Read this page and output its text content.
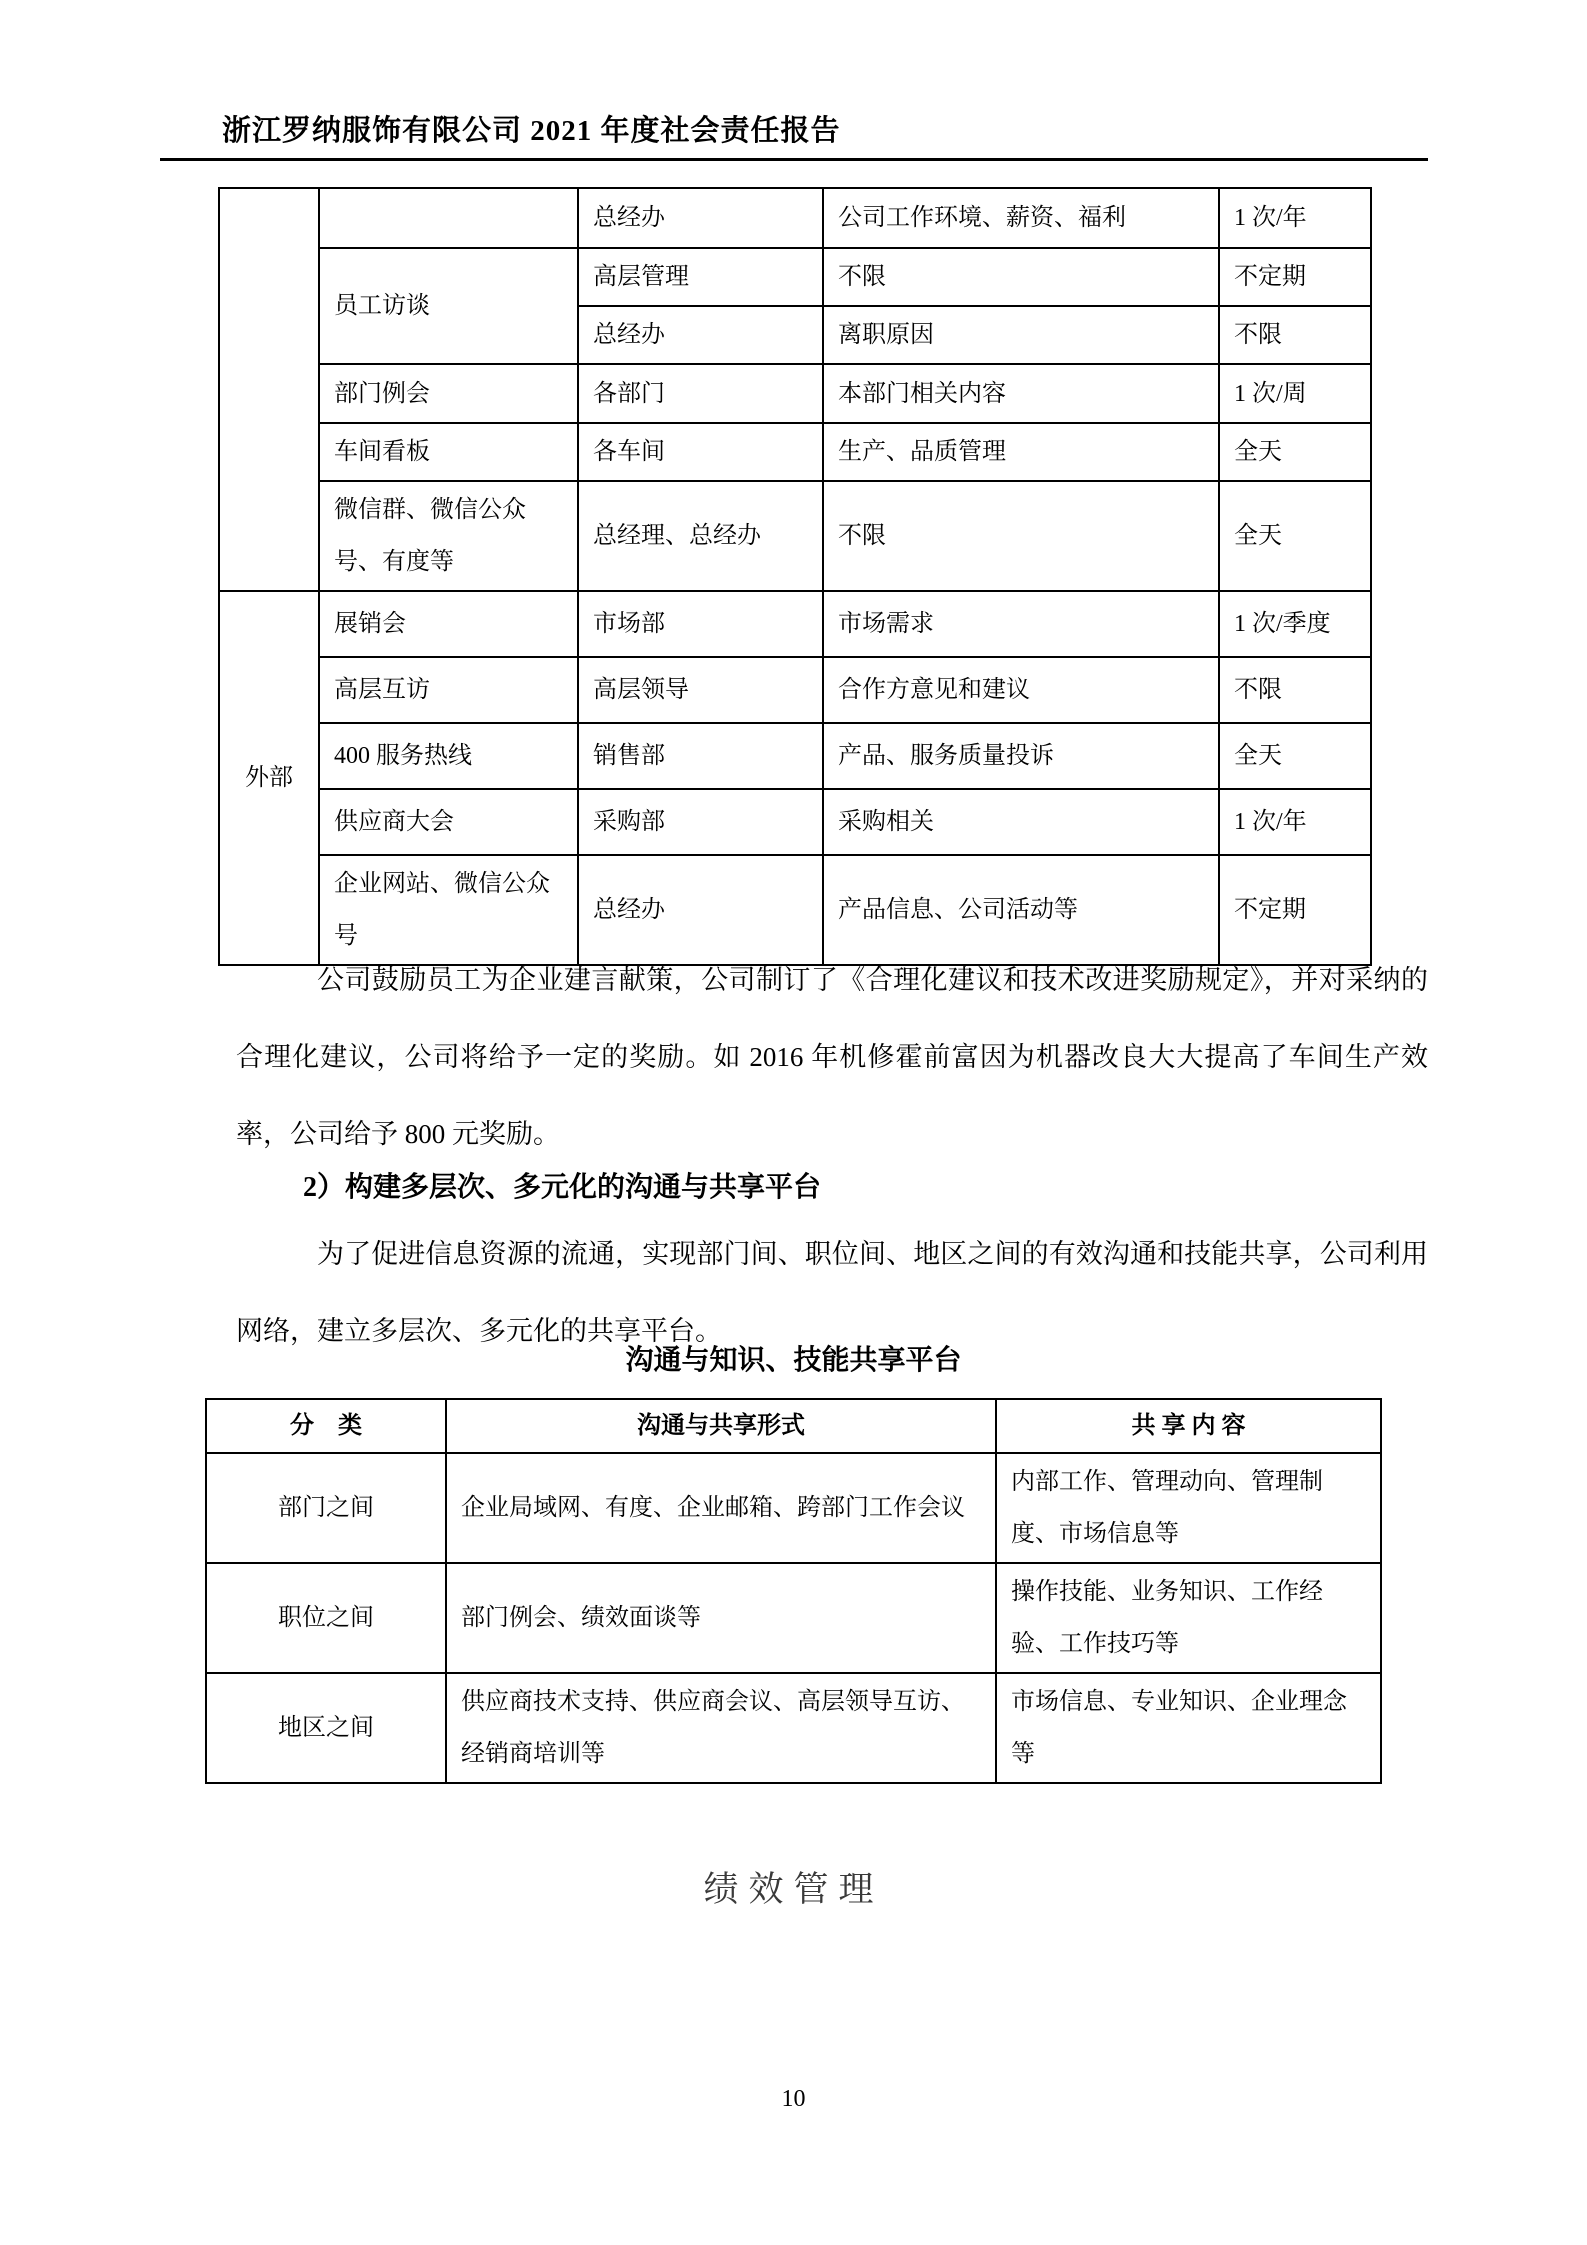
浙江罗纳服饰有限公司 2021 年度社会责任报告
		总经办	公司工作环境、薪资、福利	1 次/年
	员工访谈	高层管理	不限	不定期
		总经办	离职原因	不限
	部门例会	各部门	本部门相关内容	1 次/周
	车间看板	各车间	生产、品质管理	全天
	微信群、微信公众号、有度等	总经理、总经办	不限	全天
外部	展销会	市场部	市场需求	1 次/季度
	高层互访	高层领导	合作方意见和建议	不限
	400 服务热线	销售部	产品、服务质量投诉	全天
	供应商大会	采购部	采购相关	1 次/年
	企业网站、微信公众号	总经办	产品信息、公司活动等	不定期

公司鼓励员工为企业建言献策，公司制订了《合理化建议和技术改进奖励规定》，并对采纳的合理化建议，公司将给予一定的奖励。如 2016 年机修霍前富因为机器改良大大提高了车间生产效率，公司给予 800 元奖励。

2）构建多层次、多元化的沟通与共享平台

为了促进信息资源的流通，实现部门间、职位间、地区之间的有效沟通和技能共享，公司利用网络，建立多层次、多元化的共享平台。

沟通与知识、技能共享平台

分　类	沟通与共享形式	共 享 内 容
部门之间	企业局域网、有度、企业邮箱、跨部门工作会议	内部工作、管理动向、管理制度、市场信息等
职位之间	部门例会、绩效面谈等	操作技能、业务知识、工作经验、工作技巧等
地区之间	供应商技术支持、供应商会议、高层领导互访、经销商培训等	市场信息、专业知识、企业理念等
绩效管理
10
